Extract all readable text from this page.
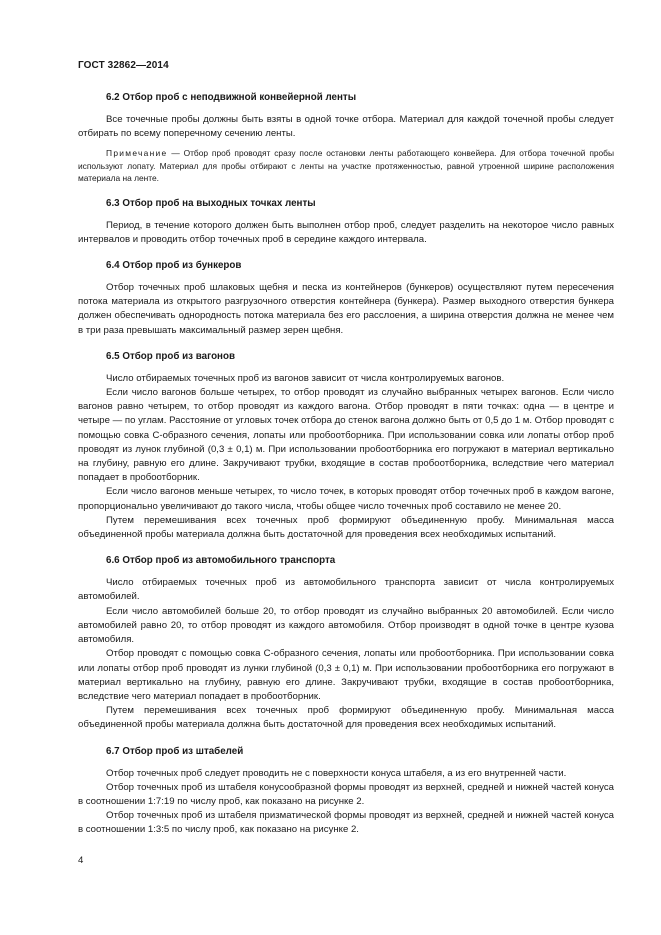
ГОСТ 32862—2014
6.2 Отбор проб с неподвижной конвейерной ленты

Все точечные пробы должны быть взяты в одной точке отбора. Материал для каждой точечной пробы следует отбирать по всему поперечному сечению ленты.

Примечание — Отбор проб проводят сразу после остановки ленты работающего конвейера. Для отбора точечной пробы используют лопату. Материал для пробы отбирают с ленты на участке протяженностью, равной утроенной ширине расположения материала на ленте.

6.3 Отбор проб на выходных точках ленты

Период, в течение которого должен быть выполнен отбор проб, следует разделить на некоторое число равных интервалов и проводить отбор точечных проб в середине каждого интервала.

6.4 Отбор проб из бункеров

Отбор точечных проб шлаковых щебня и песка из контейнеров (бункеров) осуществляют путем пересечения потока материала из открытого разгрузочного отверстия контейнера (бункера). Размер выходного отверстия бункера должен обеспечивать однородность потока материала без его расслоения, а ширина отверстия должна не менее чем в три раза превышать максимальный размер зерен щебня.

6.5 Отбор проб из вагонов

Число отбираемых точечных проб из вагонов зависит от числа контролируемых вагонов.

Если число вагонов больше четырех, то отбор проводят из случайно выбранных четырех вагонов. Если число вагонов равно четырем, то отбор проводят из каждого вагона. Отбор проводят в пяти точках: одна — в центре и четыре — по углам. Расстояние от угловых точек отбора до стенок вагона должно быть от 0,5 до 1 м. Отбор проводят с помощью совка С-образного сечения, лопаты или пробоотборника. При использовании совка или лопаты отбор проб проводят из лунок глубиной (0,3 ± 0,1) м. При использовании пробоотборника его погружают в материал вертикально на глубину, равную его длине. Закручивают трубки, входящие в состав пробоотборника, вследствие чего материал попадает в пробоотборник.

Если число вагонов меньше четырех, то число точек, в которых проводят отбор точечных проб в каждом вагоне, пропорционально увеличивают до такого числа, чтобы общее число точечных проб составило не менее 20.

Путем перемешивания всех точечных проб формируют объединенную пробу. Минимальная масса объединенной пробы материала должна быть достаточной для проведения всех необходимых испытаний.

6.6 Отбор проб из автомобильного транспорта

Число отбираемых точечных проб из автомобильного транспорта зависит от числа контролируемых автомобилей.

Если число автомобилей больше 20, то отбор проводят из случайно выбранных 20 автомобилей. Если число автомобилей равно 20, то отбор проводят из каждого автомобиля. Отбор производят в одной точке в центре кузова автомобиля.

Отбор проводят с помощью совка С-образного сечения, лопаты или пробоотборника. При использовании совка или лопаты отбор проб проводят из лунки глубиной (0,3 ± 0,1) м. При использовании пробоотборника его погружают в материал вертикально на глубину, равную его длине. Закручивают трубки, входящие в состав пробоотборника, вследствие чего материал попадает в пробоотборник.

Путем перемешивания всех точечных проб формируют объединенную пробу. Минимальная масса объединенной пробы материала должна быть достаточной для проведения всех необходимых испытаний.

6.7 Отбор проб из штабелей

Отбор точечных проб следует проводить не с поверхности конуса штабеля, а из его внутренней части.

Отбор точечных проб из штабеля конусообразной формы проводят из верхней, средней и нижней частей конуса в соотношении 1:7:19 по числу проб, как показано на рисунке 2.

Отбор точечных проб из штабеля призматической формы проводят из верхней, средней и нижней частей конуса в соотношении 1:3:5 по числу проб, как показано на рисунке 2.

4
